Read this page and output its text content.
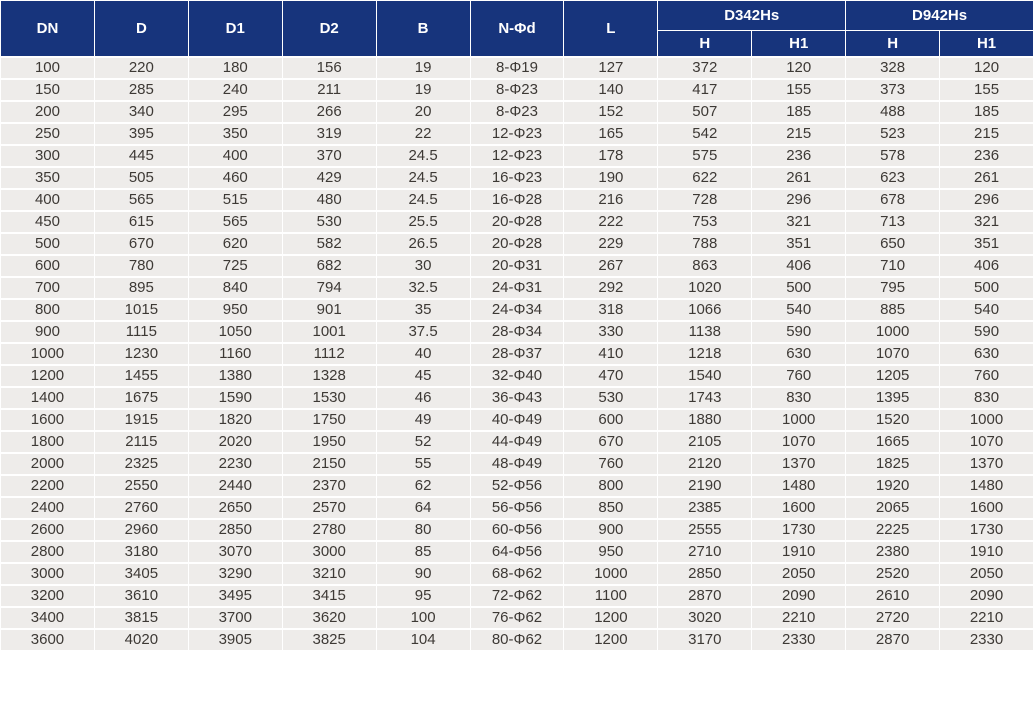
DN	D	D1	D2	B	N-Φd	L	D342Hs		D942Hs	
							H	H1	H	H1
100	220	180	156	19	8-Φ19	127	372	120	328	120
150	285	240	211	19	8-Φ23	140	417	155	373	155
200	340	295	266	20	8-Φ23	152	507	185	488	185
250	395	350	319	22	12-Φ23	165	542	215	523	215
300	445	400	370	24.5	12-Φ23	178	575	236	578	236
350	505	460	429	24.5	16-Φ23	190	622	261	623	261
400	565	515	480	24.5	16-Φ28	216	728	296	678	296
450	615	565	530	25.5	20-Φ28	222	753	321	713	321
500	670	620	582	26.5	20-Φ28	229	788	351	650	351
600	780	725	682	30	20-Φ31	267	863	406	710	406
700	895	840	794	32.5	24-Φ31	292	1020	500	795	500
800	1015	950	901	35	24-Φ34	318	1066	540	885	540
900	1115	1050	1001	37.5	28-Φ34	330	1138	590	1000	590
1000	1230	1160	1112	40	28-Φ37	410	1218	630	1070	630
1200	1455	1380	1328	45	32-Φ40	470	1540	760	1205	760
1400	1675	1590	1530	46	36-Φ43	530	1743	830	1395	830
1600	1915	1820	1750	49	40-Φ49	600	1880	1000	1520	1000
1800	2115	2020	1950	52	44-Φ49	670	2105	1070	1665	1070
2000	2325	2230	2150	55	48-Φ49	760	2120	1370	1825	1370
2200	2550	2440	2370	62	52-Φ56	800	2190	1480	1920	1480
2400	2760	2650	2570	64	56-Φ56	850	2385	1600	2065	1600
2600	2960	2850	2780	80	60-Φ56	900	2555	1730	2225	1730
2800	3180	3070	3000	85	64-Φ56	950	2710	1910	2380	1910
3000	3405	3290	3210	90	68-Φ62	1000	2850	2050	2520	2050
3200	3610	3495	3415	95	72-Φ62	1100	2870	2090	2610	2090
3400	3815	3700	3620	100	76-Φ62	1200	3020	2210	2720	2210
3600	4020	3905	3825	104	80-Φ62	1200	3170	2330	2870	2330
